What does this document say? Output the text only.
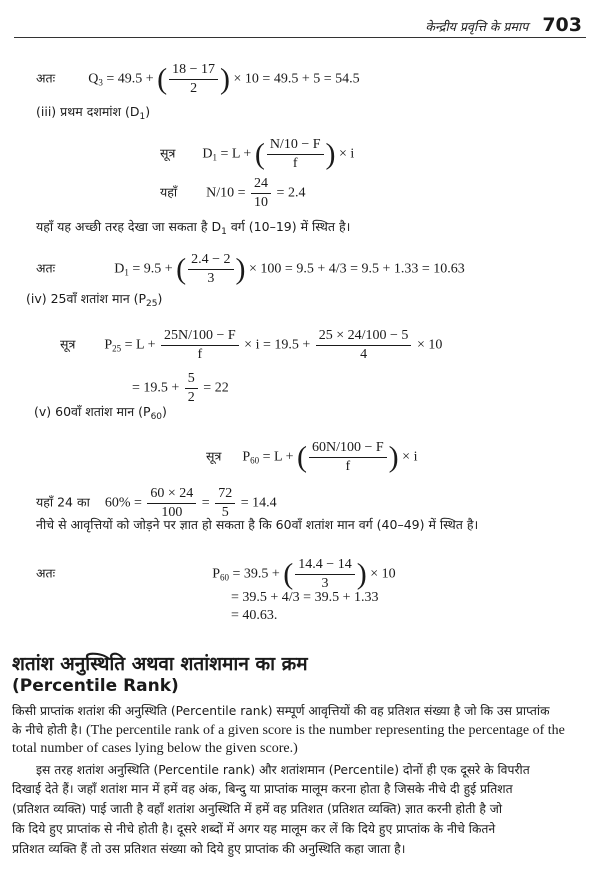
केन्द्रीय प्रवृत्ति के प्रमाप 703
अतः $Q_3 = 49.5$ + ( $\frac{18 - 17}{2}$ ) × 10 = 49.5 + 5 = 54.5
(iii) प्रथम दशमांश $(D_1)$
सूत्र $D_1 = L$ + ( $\frac{N/10 - F}{f}$ ) × i
यहाँ $N/10 = \frac{24}{10} = 2.4$
यहाँ यह अच्छी तरह देखा जा सकता है $D_1$ वर्ग (10–19) में स्थित है।
अतः	$D_1 = 9.5$ + ( $\frac{2.4 - 2}{3}$ ) × 100 = 9.5 + 4/3 = 9.5 + 1.33 = 10.63
(iv) 25वाँ शतांश मान $(P_{25})$
सूत्र $P_{25} = L + \frac{25N/100 - F}{f} \times i = 19.5 + \frac{25 \times 24/100 - 5}{4} \times 10$
= $19.5 + \frac{5}{2} = 22$
(v) 60वाँ शतांश मान $(P_{60})$
सूत्र $P_{60} = L$ + ( $\frac{60N/100 - F}{f}$ ) × i
यहाँ 24 का $60\% = \frac{60 \times 24}{100} = \frac{72}{5} = 14.4$
नीचे से आवृत्तियों को जोड़ने पर ज्ञात हो सकता है कि 60वाँ शतांश मान वर्ग (40–49) में स्थित है।
अतः	$P_{60} = 39.5$ + ( $\frac{14.4 - 14}{3}$ ) × 10
= 39.5 + 4/3 = 39.5 + 1.33
= 40.63.
शतांश अनुस्थिति अथवा शतांशमान का क्रम
(Percentile Rank)
किसी प्राप्तांक शतांश की अनुस्थिति (Percentile rank) सम्पूर्ण आवृत्तियों की वह प्रतिशत संख्या है जो कि उस प्राप्तांक
के नीचे होती है। (The percentile rank of a given score is the number representing the percentage of the
total number of cases lying below the given score.)
इस तरह शतांश अनुस्थिति (Percentile rank) और शतांशमान (Percentile) दोनों ही एक दूसरे के विपरीत
दिखाई देते हैं। जहाँ शतांश मान में हमें वह अंक, बिन्दु या प्राप्तांक मालूम करना होता है जिसके नीचे दी हुई प्रतिशत
(प्रतिशत व्यक्ति) पाई जाती है वहाँ शतांश अनुस्थिति में हमें वह प्रतिशत (प्रतिशत व्यक्ति) ज्ञात करनी होती है जो
कि दिये हुए प्राप्तांक से नीचे होती है। दूसरे शब्दों में अगर यह मालूम कर लें कि दिये हुए प्राप्तांक के नीचे कितने
प्रतिशत व्यक्ति हैं तो उस प्रतिशत संख्या को दिये हुए प्राप्तांक की अनुस्थिति कहा जाता है।
